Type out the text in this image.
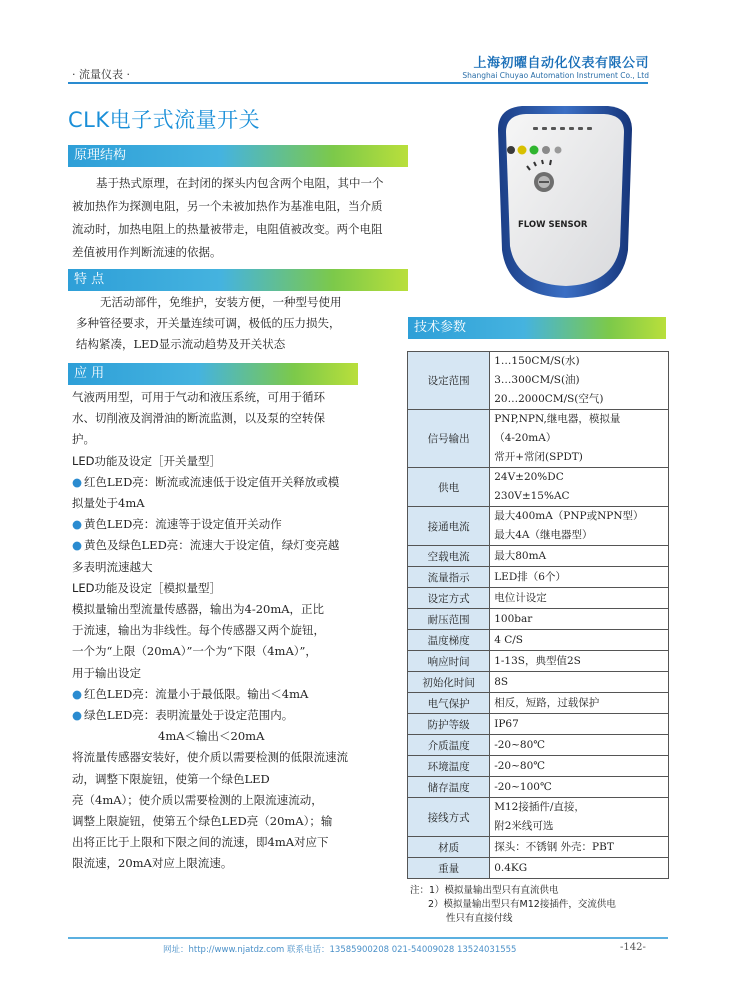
· 流量仪表 ·
上海初曜自动化仪表有限公司
Shanghai Chuyao Automation Instrument Co., Ltd
CLK电子式流量开关
FLOW SENSOR
原理结构
基于热式原理，在封闭的探头内包含两个电阻，其中一个
被加热作为探测电阻，另一个未被加热作为基准电阻，当介质
流动时，加热电阻上的热量被带走，电阻值被改变。两个电阻
差值被用作判断流速的依据。
特 点
无活动部件，免维护，安装方便，一种型号使用
多种管径要求，开关量连续可调，极低的压力损失，
结构紧凑，LED显示流动趋势及开关状态
应 用
气液两用型，可用于气动和液压系统，可用于循环
水、切削液及润滑油的断流监测，以及泵的空转保
护。
LED功能及设定［开关量型］
● 红色LED亮：断流或流速低于设定值开关释放或模
拟量处于4mA
● 黄色LED亮：流速等于设定值开关动作
● 黄色及绿色LED亮：流速大于设定值，绿灯变亮越
多表明流速越大
LED功能及设定［模拟量型］
模拟量输出型流量传感器，输出为4-20mA，正比
于流速，输出为非线性。每个传感器又两个旋钮，
一个为“上限（20mA）”一个为“下限（4mA）”，
用于输出设定
● 红色LED亮：流量小于最低限。输出＜4mA
● 绿色LED亮：表明流量处于设定范围内。
4mA＜输出＜20mA
将流量传感器安装好，使介质以需要检测的低限流速流
动，调整下限旋钮，使第一个绿色LED
亮（4mA）；使介质以需要检测的上限流速流动，
调整上限旋钮，使第五个绿色LED亮（20mA）；输
出将正比于上限和下限之间的流速，即4mA对应下
限流速，20mA对应上限流速。
技术参数
设定范围	1…150CM/S(水)
3…300CM/S(油)
20…2000CM/S(空气)

信号输出	PNP,NPN,继电器，模拟量
（4-20mA）
常开+常闭(SPDT)

供电	24V±20%DC
230V±15%AC

接通电流	最大400mA（PNP或NPN型）
最大4A（继电器型）

空载电流	最大80mA

流量指示	LED排（6个）

设定方式	电位计设定

耐压范围	100bar

温度梯度	4 C/S

响应时间	1-13S，典型值2S

初始化时间	8S

电气保护	相反，短路，过载保护

防护等级	IP67

介质温度	-20~80℃

环境温度	-20~80℃

储存温度	-20~100℃

接线方式	M12接插件/直接，
附2米线可选

材质	探头：不锈钢 外壳：PBT

重量	0.4KG
注：1）模拟量输出型只有直流供电
2）模拟量输出型只有M12接插件，交流供电
性只有直接付线
网址：http://www.njatdz.com 联系电话：13585900208 021-54009028 13524031555	-142-
